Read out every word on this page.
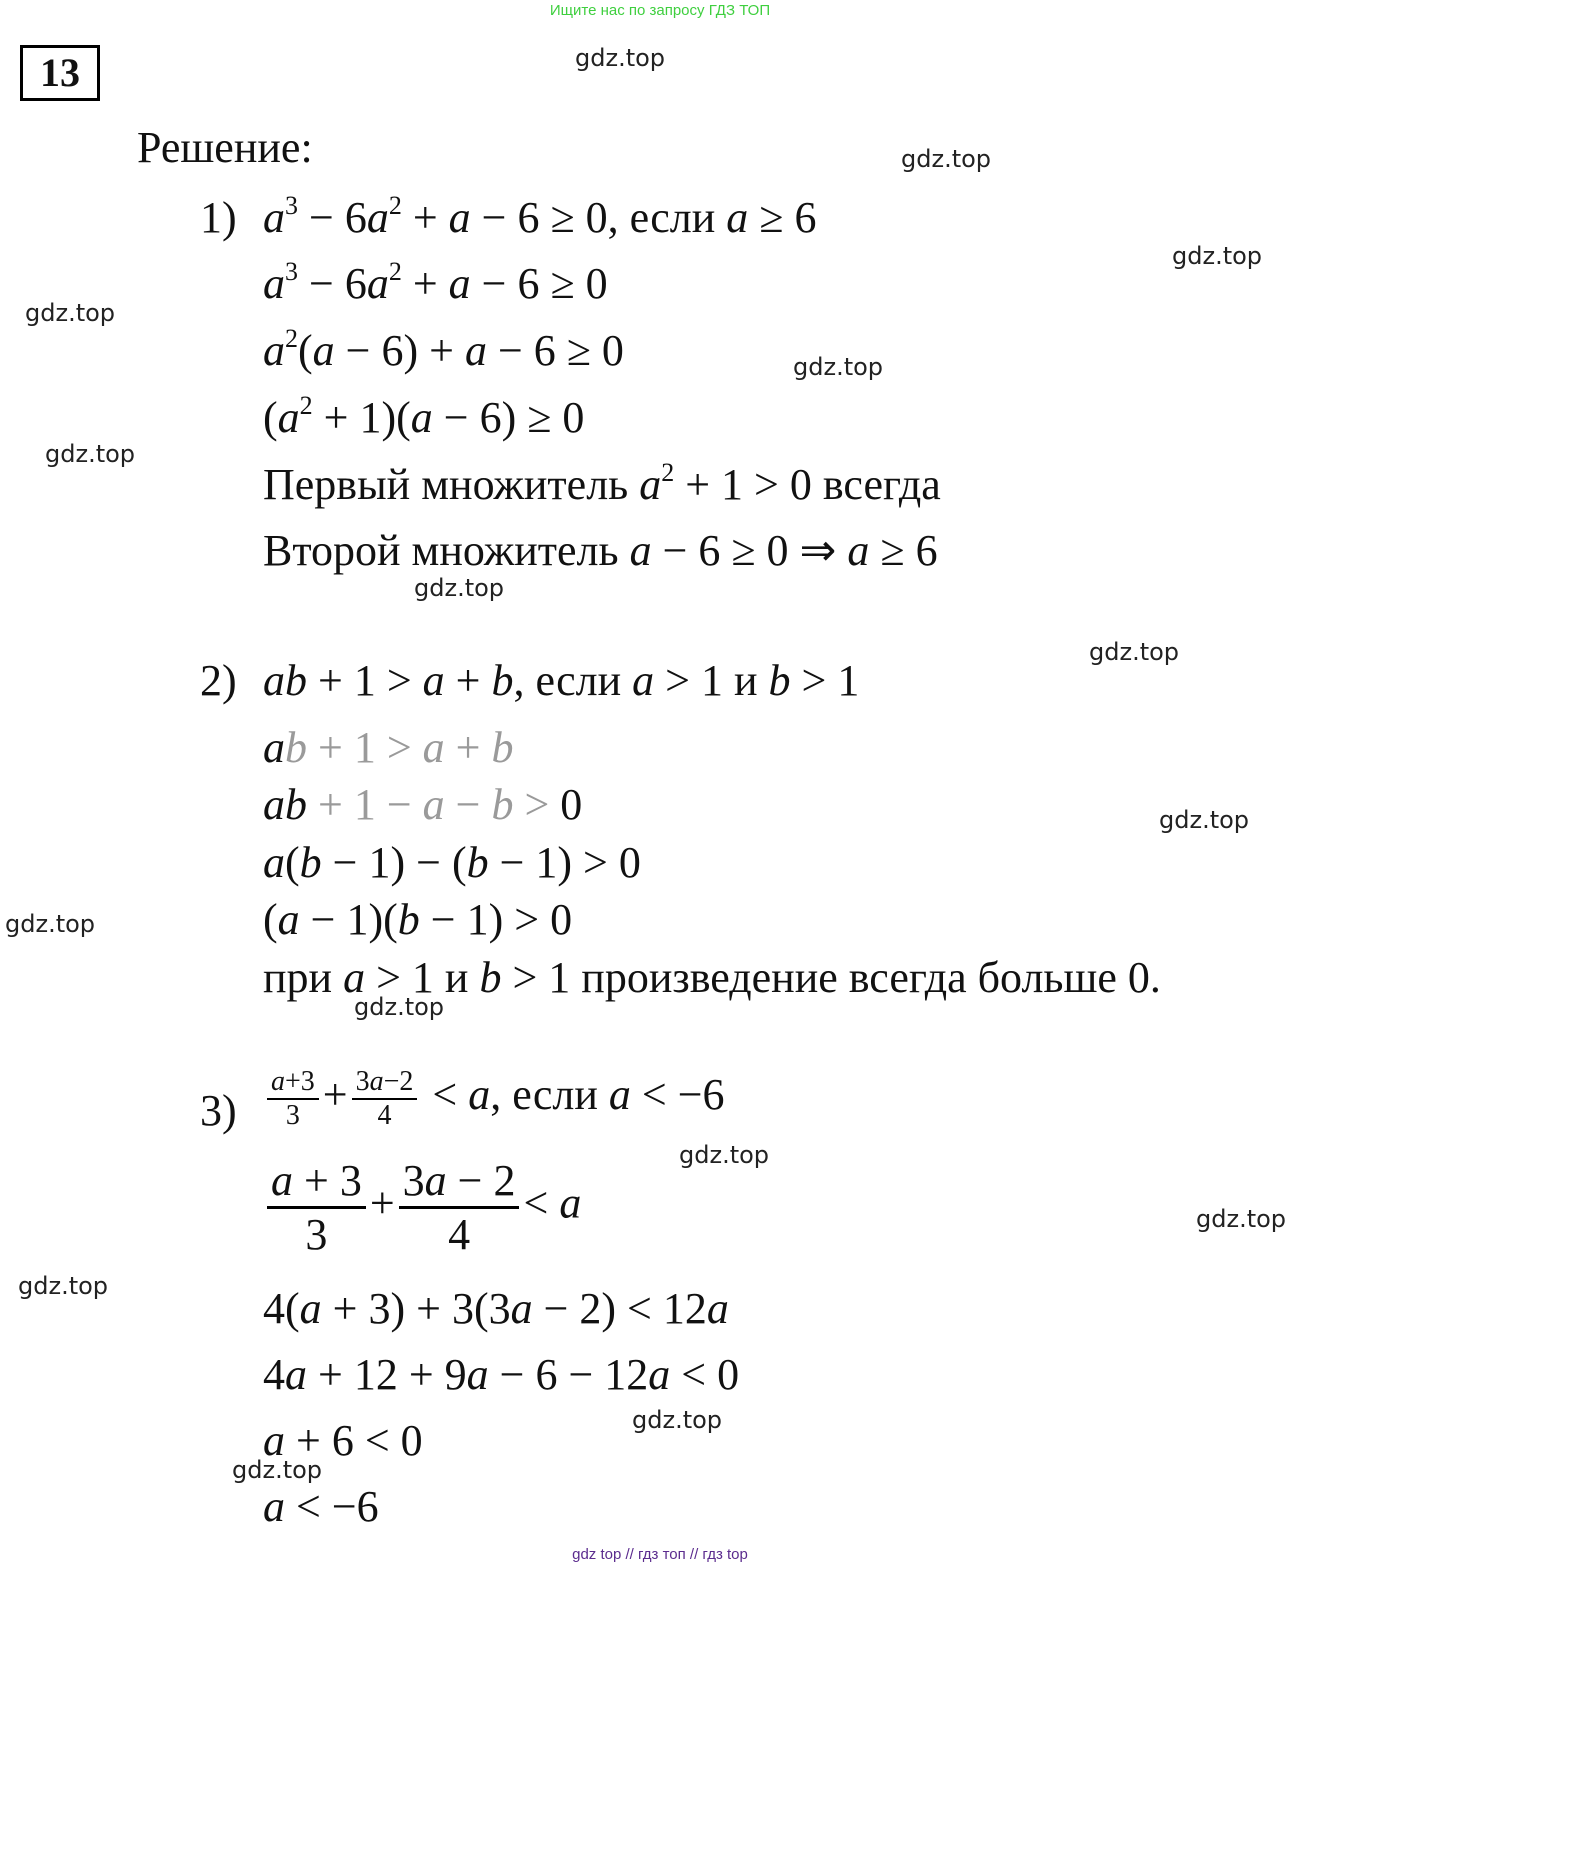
Ищите нас по запросу ГДЗ ТОП
13
Решение:
gdz.top
gdz.top
gdz.top
gdz.top
gdz.top
gdz.top
gdz.top
gdz.top
gdz.top
gdz.top
gdz.top
gdz.top
gdz.top
gdz.top
gdz.top
gdz.top
1) $a^3 - 6a^2 + a - 6 \ge 0$, если a ≥ 6
$a^3 - 6a^2 + a - 6 \ge 0$
$a^2(a - 6) + a - 6 \ge 0$
$(a^2 + 1)(a - 6) \ge 0$
Первый множитель $a^2 + 1 > 0$ всегда
Второй множитель a − 6 ≥ 0 ⇒ a ≥ 6
2) ab + 1 > a + b, если a > 1 и b > 1
ab + 1 > a + b
ab + 1 − a − b > 0
a(b − 1) − (b − 1) > 0
(a − 1)(b − 1) > 0
при a > 1 и b > 1 произведение всегда больше 0.
$3) \frac{a+3}{3} + \frac{3a-2}{4} < a$, если a < −6
$\frac{a + 3}{3} + \frac{3a - 2}{4} < a$
4(a + 3) + 3(3a − 2) < 12a
4a + 12 + 9a − 6 − 12a < 0
a + 6 < 0
a < −6
gdz top // гдз топ // гдз top
